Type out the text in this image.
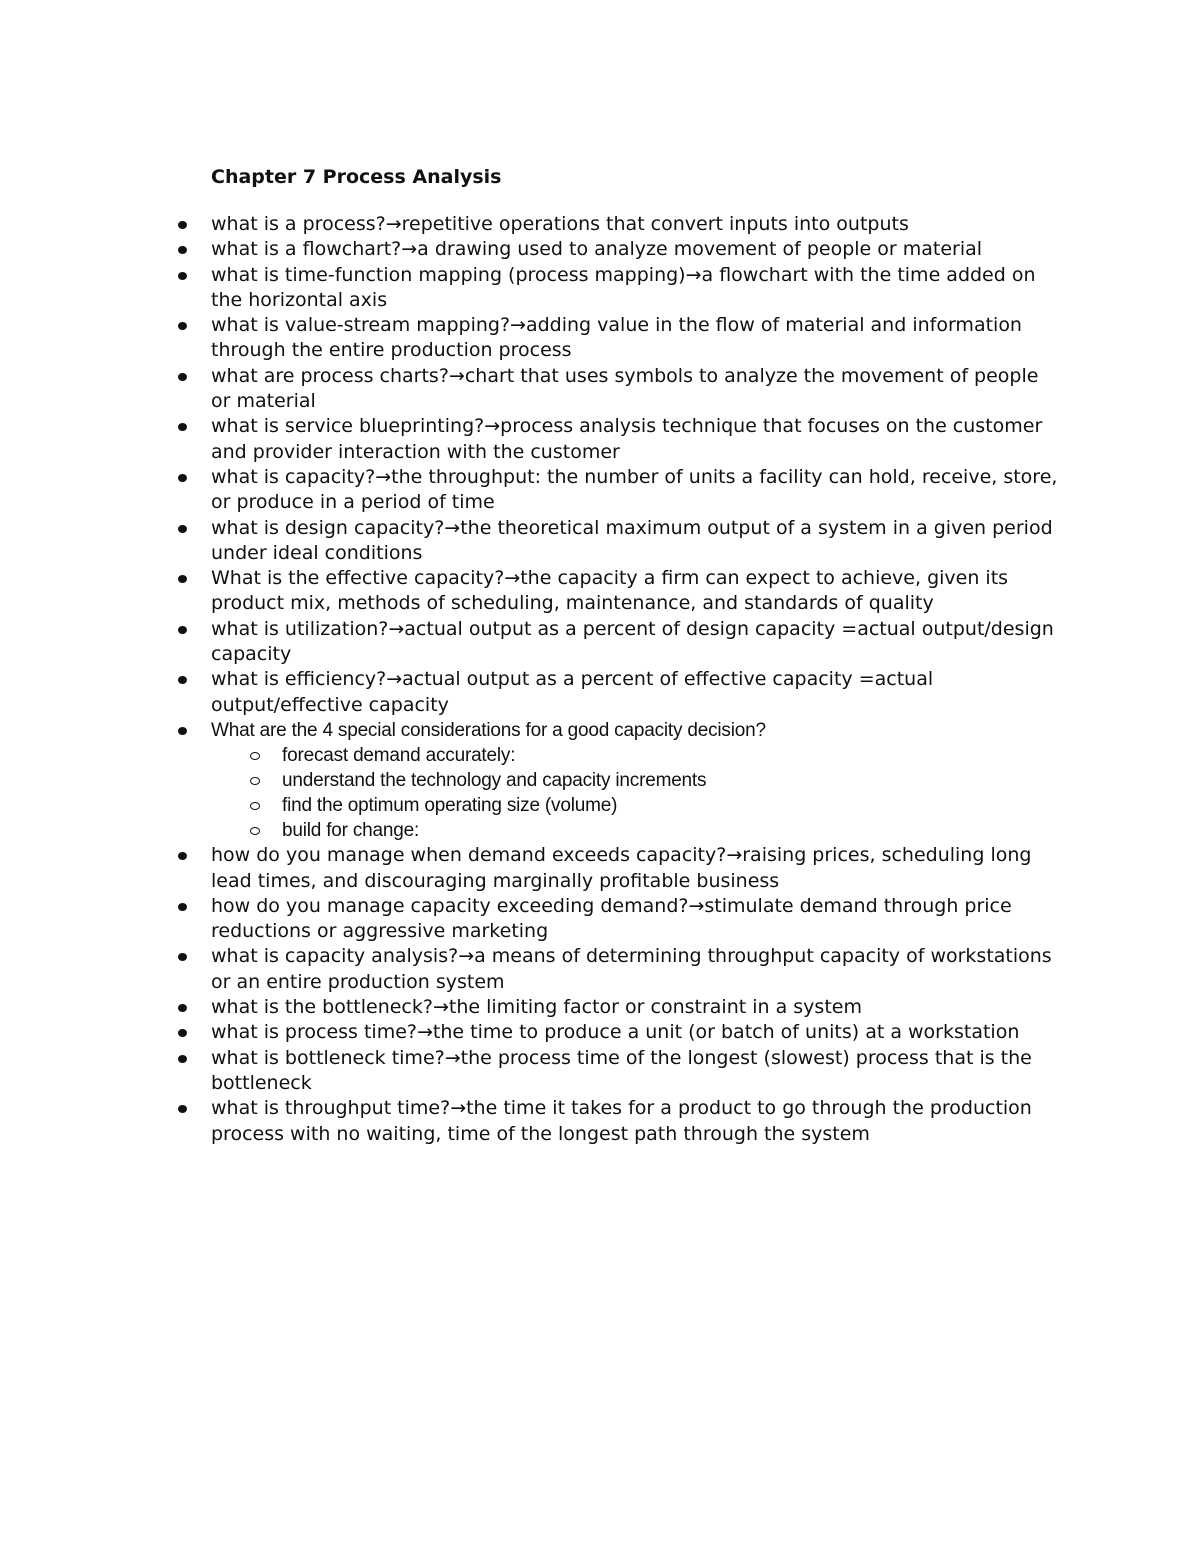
Chapter 7 Process Analysis
what is a process?→repetitive operations that convert inputs into outputs
what is a flowchart?→a drawing used to analyze movement of people or material
what is time-function mapping (process mapping)→a flowchart with the time added on the horizontal axis
what is value-stream mapping?→adding value in the flow of material and information through the entire production process
what are process charts?→chart that uses symbols to analyze the movement of people or material
what is service blueprinting?→process analysis technique that focuses on the customer and provider interaction with the customer
what is capacity?→the throughput: the number of units a facility can hold, receive, store, or produce in a period of time
what is design capacity?→the theoretical maximum output of a system in a given period under ideal conditions
What is the effective capacity?→the capacity a firm can expect to achieve, given its product mix, methods of scheduling, maintenance, and standards of quality
what is utilization?→actual output as a percent of design capacity =actual output/design capacity
what is efficiency?→actual output as a percent of effective capacity =actual output/effective capacity
What are the 4 special considerations for a good capacity decision?
forecast demand accurately:
understand the technology and capacity increments
find the optimum operating size (volume)
build for change:
how do you manage when demand exceeds capacity?→raising prices, scheduling long lead times, and discouraging marginally profitable business
how do you manage capacity exceeding demand?→stimulate demand through price reductions or aggressive marketing
what is capacity analysis?→a means of determining throughput capacity of workstations or an entire production system
what is the bottleneck?→the limiting factor or constraint in a system
what is process time?→the time to produce a unit (or batch of units) at a workstation
what is bottleneck time?→the process time of the longest (slowest) process that is the bottleneck
what is throughput time?→the time it takes for a product to go through the production process with no waiting, time of the longest path through the system
